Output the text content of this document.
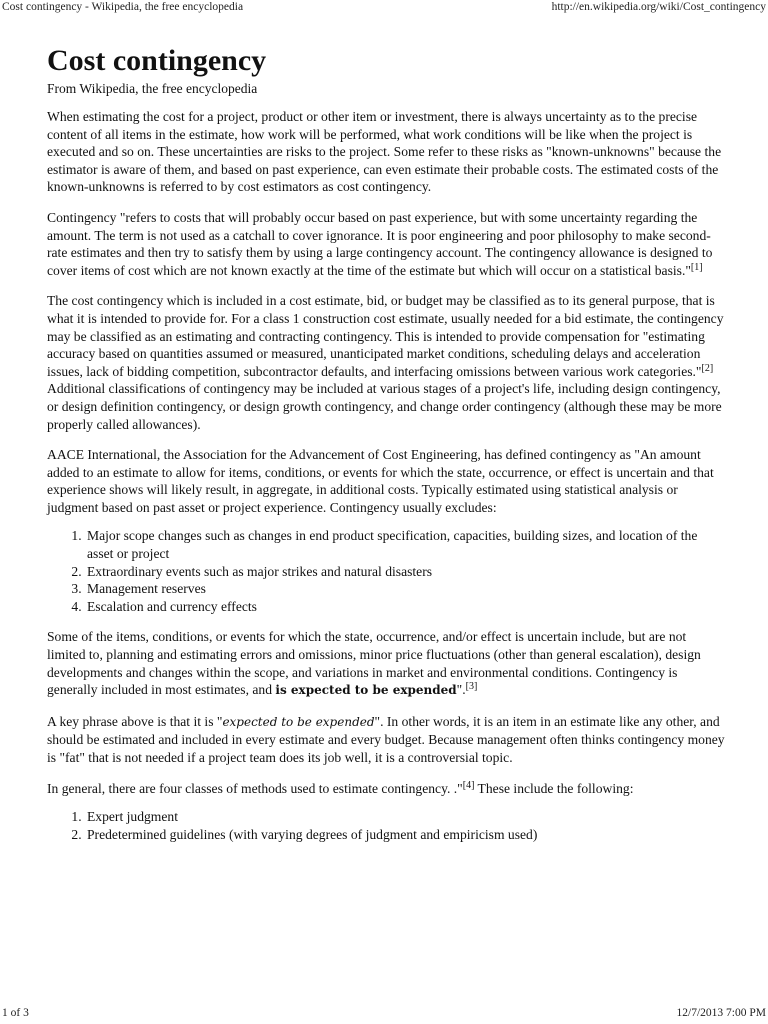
Cost contingency - Wikipedia, the free encyclopedia	http://en.wikipedia.org/wiki/Cost_contingency
Cost contingency
From Wikipedia, the free encyclopedia

When estimating the cost for a project, product or other item or investment, there is always uncertainty as to the precise content of all items in the estimate, how work will be performed, what work conditions will be like when the project is executed and so on. These uncertainties are risks to the project. Some refer to these risks as "known-unknowns" because the estimator is aware of them, and based on past experience, can even estimate their probable costs. The estimated costs of the known-unknowns is referred to by cost estimators as cost contingency.

Contingency "refers to costs that will probably occur based on past experience, but with some uncertainty regarding the amount. The term is not used as a catchall to cover ignorance. It is poor engineering and poor philosophy to make second-rate estimates and then try to satisfy them by using a large contingency account. The contingency allowance is designed to cover items of cost which are not known exactly at the time of the estimate but which will occur on a statistical basis."[1]

The cost contingency which is included in a cost estimate, bid, or budget may be classified as to its general purpose, that is what it is intended to provide for. For a class 1 construction cost estimate, usually needed for a bid estimate, the contingency may be classified as an estimating and contracting contingency. This is intended to provide compensation for "estimating accuracy based on quantities assumed or measured, unanticipated market conditions, scheduling delays and acceleration issues, lack of bidding competition, subcontractor defaults, and interfacing omissions between various work categories."[2] Additional classifications of contingency may be included at various stages of a project's life, including design contingency, or design definition contingency, or design growth contingency, and change order contingency (although these may be more properly called allowances).

AACE International, the Association for the Advancement of Cost Engineering, has defined contingency as "An amount added to an estimate to allow for items, conditions, or events for which the state, occurrence, or effect is uncertain and that experience shows will likely result, in aggregate, in additional costs. Typically estimated using statistical analysis or judgment based on past asset or project experience. Contingency usually excludes:

1. Major scope changes such as changes in end product specification, capacities, building sizes, and location of the asset or project
2. Extraordinary events such as major strikes and natural disasters
3. Management reserves
4. Escalation and currency effects

Some of the items, conditions, or events for which the state, occurrence, and/or effect is uncertain include, but are not limited to, planning and estimating errors and omissions, minor price fluctuations (other than general escalation), design developments and changes within the scope, and variations in market and environmental conditions. Contingency is generally included in most estimates, and is expected to be expended".[3]

A key phrase above is that it is "expected to be expended". In other words, it is an item in an estimate like any other, and should be estimated and included in every estimate and every budget. Because management often thinks contingency money is "fat" that is not needed if a project team does its job well, it is a controversial topic.

In general, there are four classes of methods used to estimate contingency. ."[4] These include the following:

1. Expert judgment
2. Predetermined guidelines (with varying degrees of judgment and empiricism used)
1 of 3	12/7/2013 7:00 PM
